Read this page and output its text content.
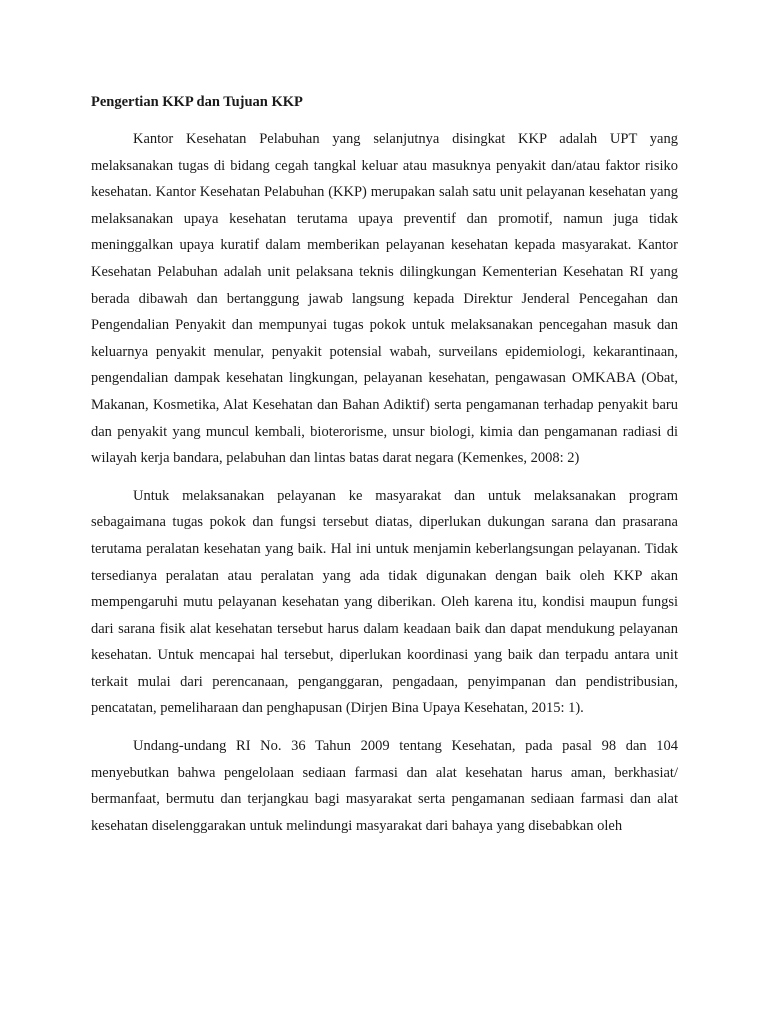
Pengertian KKP dan Tujuan KKP

Kantor Kesehatan Pelabuhan yang selanjutnya disingkat KKP adalah UPT yang melaksanakan tugas di bidang cegah tangkal keluar atau masuknya penyakit dan/atau faktor risiko kesehatan. Kantor Kesehatan Pelabuhan (KKP) merupakan salah satu unit pelayanan kesehatan yang melaksanakan upaya kesehatan terutama upaya preventif dan promotif, namun juga tidak meninggalkan upaya kuratif dalam memberikan pelayanan kesehatan kepada masyarakat. Kantor Kesehatan Pelabuhan adalah unit pelaksana teknis dilingkungan Kementerian Kesehatan RI yang berada dibawah dan bertanggung jawab langsung kepada Direktur Jenderal Pencegahan dan Pengendalian Penyakit dan mempunyai tugas pokok untuk melaksanakan pencegahan masuk dan keluarnya penyakit menular, penyakit potensial wabah, surveilans epidemiologi, kekarantinaan, pengendalian dampak kesehatan lingkungan, pelayanan kesehatan, pengawasan OMKABA (Obat, Makanan, Kosmetika, Alat Kesehatan dan Bahan Adiktif) serta pengamanan terhadap penyakit baru dan penyakit yang muncul kembali, bioterorisme, unsur biologi, kimia dan pengamanan radiasi di wilayah kerja bandara, pelabuhan dan lintas batas darat negara (Kemenkes, 2008: 2)

Untuk melaksanakan pelayanan ke masyarakat dan untuk melaksanakan program sebagaimana tugas pokok dan fungsi tersebut diatas, diperlukan dukungan sarana dan prasarana terutama peralatan kesehatan yang baik. Hal ini untuk menjamin keberlangsungan pelayanan. Tidak tersedianya peralatan atau peralatan yang ada tidak digunakan dengan baik oleh KKP akan mempengaruhi mutu pelayanan kesehatan yang diberikan. Oleh karena itu, kondisi maupun fungsi dari sarana fisik alat kesehatan tersebut harus dalam keadaan baik dan dapat mendukung pelayanan kesehatan. Untuk mencapai hal tersebut, diperlukan koordinasi yang baik dan terpadu antara unit terkait mulai dari perencanaan, penganggaran, pengadaan, penyimpanan dan pendistribusian, pencatatan, pemeliharaan dan penghapusan (Dirjen Bina Upaya Kesehatan, 2015: 1).

Undang-undang RI No. 36 Tahun 2009 tentang Kesehatan, pada pasal 98 dan 104 menyebutkan bahwa pengelolaan sediaan farmasi dan alat kesehatan harus aman, berkhasiat/ bermanfaat, bermutu dan terjangkau bagi masyarakat serta pengamanan sediaan farmasi dan alat kesehatan diselenggarakan untuk melindungi masyarakat dari bahaya yang disebabkan oleh
